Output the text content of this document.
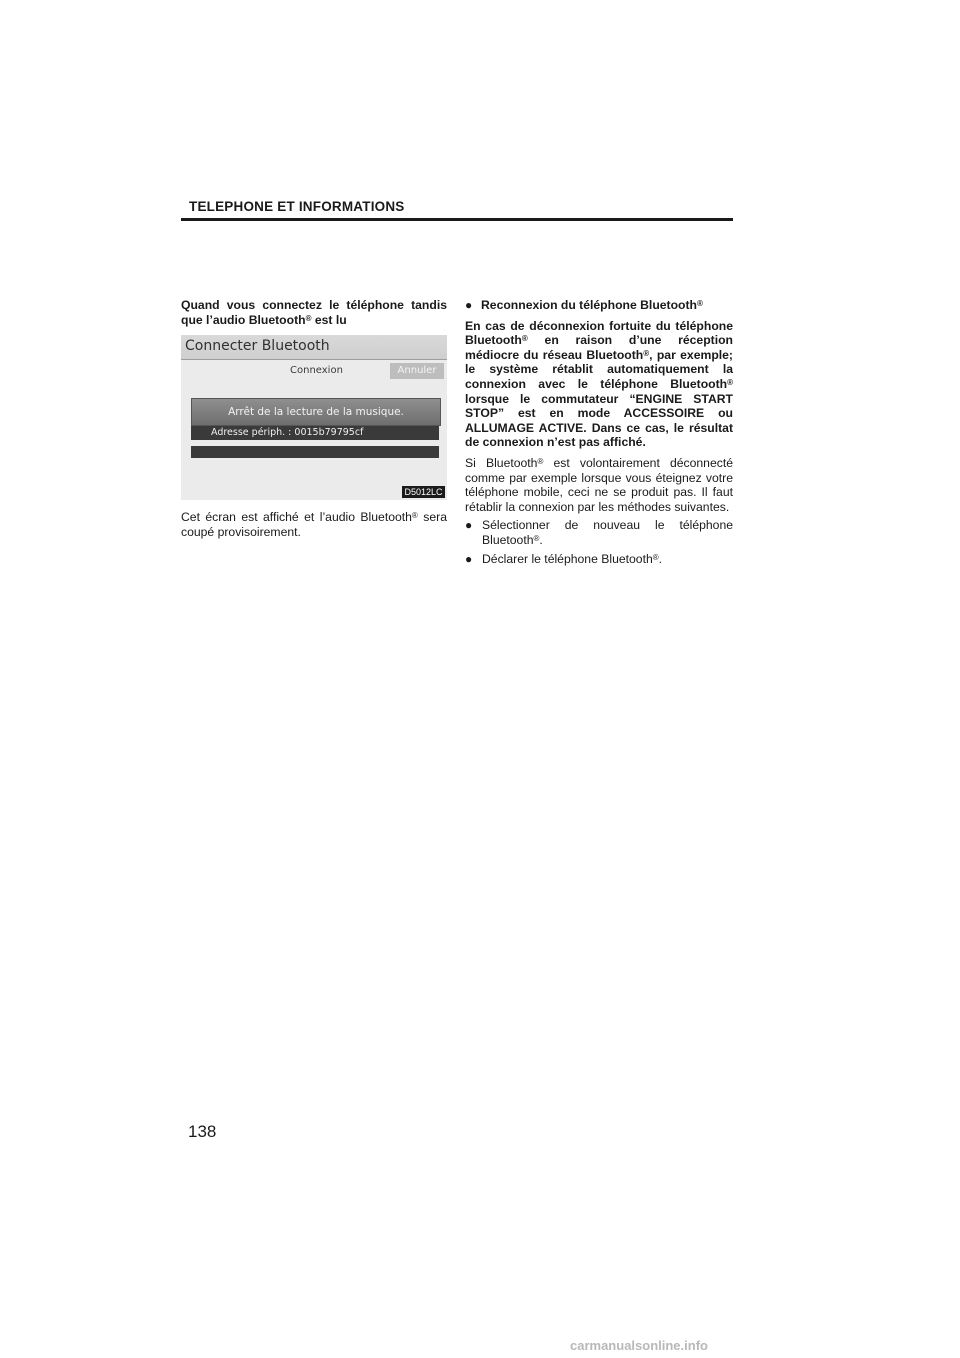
TELEPHONE ET INFORMATIONS

Quand vous connectez le téléphone tandis que l’audio Bluetooth® est lu

Connecter Bluetooth
Connexion	Annuler
Arrêt de la lecture de la musique.
Adresse périph. : 0015b79795cf
D5012LC

Cet écran est affiché et l’audio Bluetooth® sera coupé provisoirement.

● Reconnexion du téléphone Bluetooth®

En cas de déconnexion fortuite du téléphone Bluetooth® en raison d’une réception médiocre du réseau Bluetooth®, par exemple; le système rétablit automatiquement la connexion avec le téléphone Bluetooth® lorsque le commutateur “ENGINE START STOP” est en mode ACCESSOIRE ou ALLUMAGE ACTIVE. Dans ce cas, le résultat de connexion n’est pas affiché.

Si Bluetooth® est volontairement déconnecté comme par exemple lorsque vous éteignez votre téléphone mobile, ceci ne se produit pas. Il faut rétablir la connexion par les méthodes suivantes.

● Sélectionner de nouveau le téléphone Bluetooth®.

● Déclarer le téléphone Bluetooth®.

138
carmanualsonline.info
